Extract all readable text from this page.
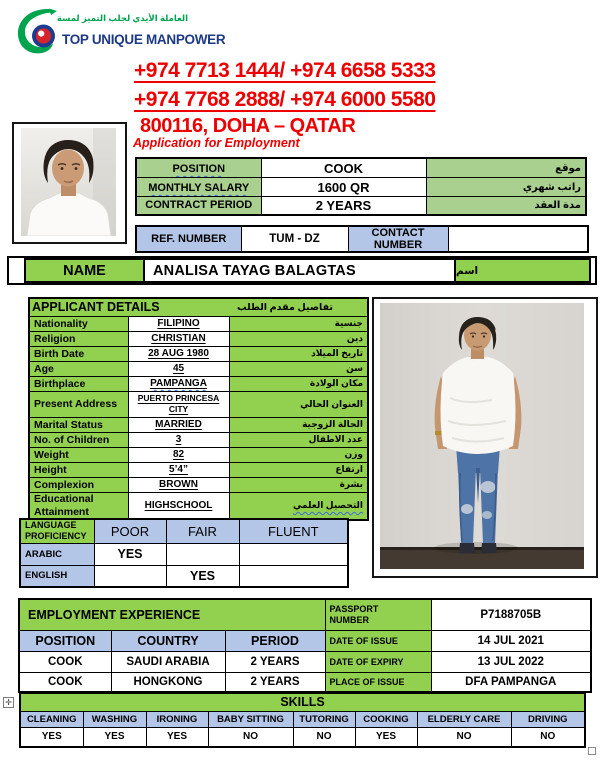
العاملة الأيدي لجلب التميز لمسة
TOP UNIQUE MANPOWER
+974 7713 1444/ +974 6658 5333
+974 7768 2888/ +974 6000 5580
800116, DOHA – QATAR
Application for Employment
POSITION	COOK	موقع
MONTHLY SALARY	1600 QR	راتب شهري
CONTRACT PERIOD	2 YEARS	مدة العقد
REF. NUMBER	TUM - DZ	CONTACT NUMBER	
NAME	ANALISA TAYAG BALAGTAS	اسم
APPLICANT DETAILS تفاصيل مقدم الطلب		

Nationality	FILIPINO	جنسية
Religion	CHRISTIAN	دين
Birth Date	28 AUG 1980	تاريخ الميلاد
Age	45	سن
Birthplace	PAMPANGA	مكان الولادة
Present Address	PUERTO PRINCESA CITY	العنوان الحالي
Marital Status	MARRIED	الحالة الزوجية
No. of Children	3	عدد الاطفال
Weight	82	وزن
Height	5’4”	ارتفاع
Complexion	BROWN	بشرة
Educational Attainment	HIGHSCHOOL	التحصيل العلمي
LANGUAGE PROFICIENCY	POOR	FAIR	FLUENT
ARABIC	YES		
ENGLISH		YES	
EMPLOYMENT EXPERIENCE			PASSPORT NUMBER	P7188705B
POSITION	COUNTRY	PERIOD	DATE OF ISSUE	14 JUL 2021
COOK	SAUDI ARABIA	2 YEARS	DATE OF EXPIRY	13 JUL 2022
COOK	HONGKONG	2 YEARS	PLACE OF ISSUE	DFA PAMPANGA
✛	SKILLS							
CLEANING	WASHING	IRONING	BABY SITTING	TUTORING	COOKING	ELDERLY CARE	DRIVING
YES	YES	YES	NO	NO	YES	NO	NO
